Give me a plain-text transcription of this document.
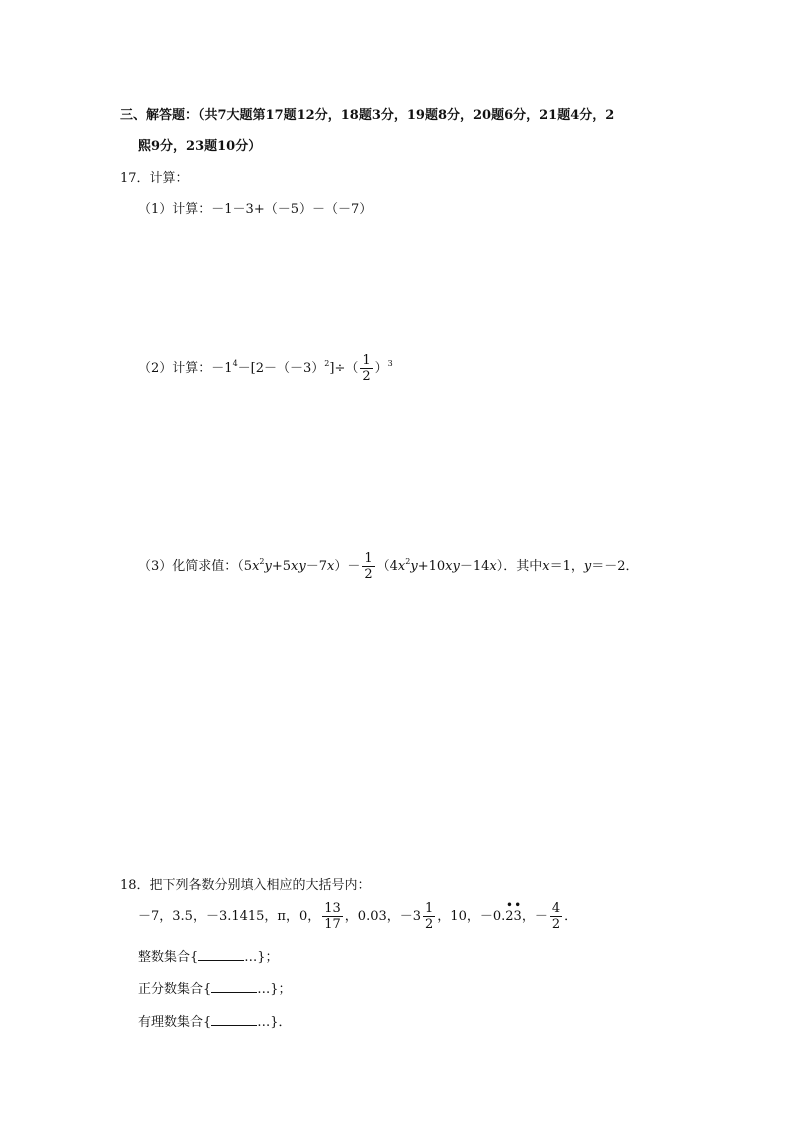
三、解答题：（共7大题第17题12分，18题3分，19题8分，20题6分，21题4分，2
熙9分，23题10分）
17．计算：
（1）计算：－1－3+（－5）－（－7）
（2）计算：$-1^4-[2-(-3)^2]\div( \frac{1}{2} )^3$
（3）化简求值：$(5x^2y+5xy-7x)- \frac{1}{2} (4x^2y+10xy-14x)$．其中x＝1，y＝－2．
18．把下列各数分别填入相应的大括号内：
－7，3.5，－3.1415，π，0， $\frac{13}{17}$ ，0.03，$-3 \frac{1}{2}$ ，10，－0.
•
2
•
3，－ $\frac{4}{2}$ ．
整数集合{	…}；
正分数集合{	…}；
有理数集合{	…}．
